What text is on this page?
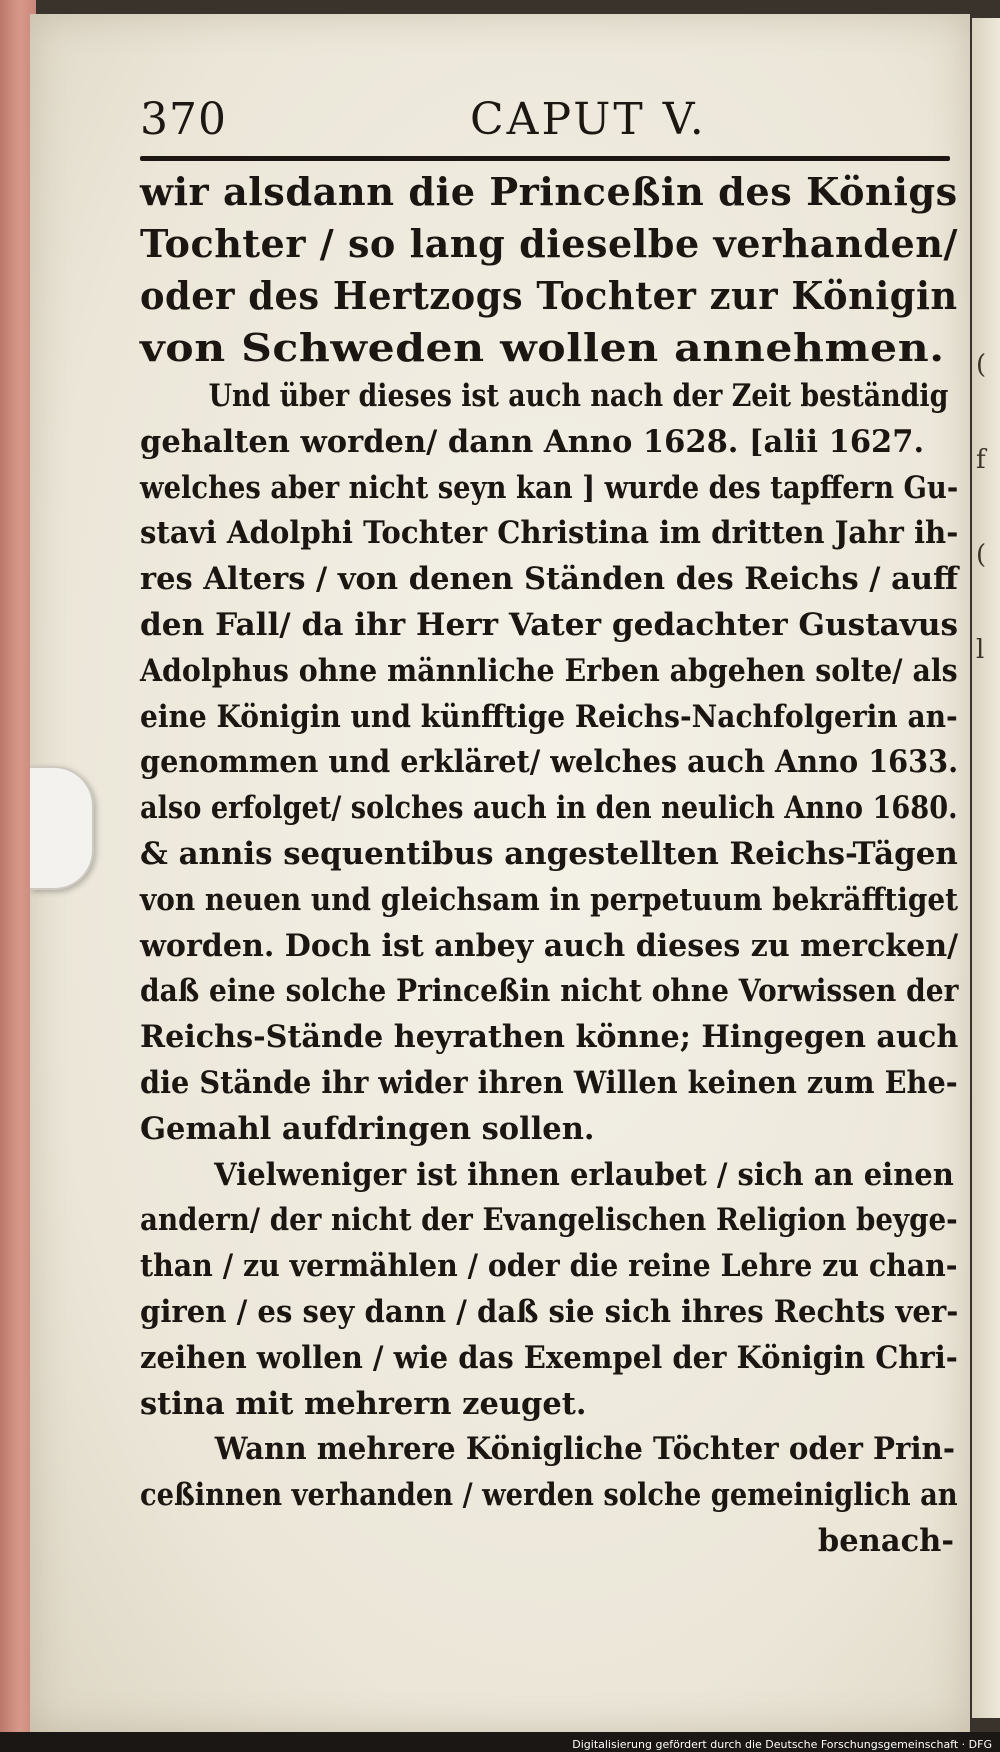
(
f
(
l
370	CAPUT V.
wir alsdann die Princeßin des Königs
Tochter / so lang dieselbe verhanden/
oder des Hertzogs Tochter zur Königin
von Schweden wollen annehmen.
Und über dieses ist auch nach der Zeit beständig
gehalten worden/ dann Anno 1628. [alii 1627.
welches aber nicht seyn kan ] wurde des tapffern Gu-
stavi Adolphi Tochter Christina im dritten Jahr ih-
res Alters / von denen Ständen des Reichs / auff
den Fall/ da ihr Herr Vater gedachter Gustavus
Adolphus ohne männliche Erben abgehen solte/ als
eine Königin und künfftige Reichs-Nachfolgerin an-
genommen und erkläret/ welches auch Anno 1633.
also erfolget/ solches auch in den neulich Anno 1680.
& annis sequentibus angestellten Reichs-Tägen
von neuen und gleichsam in perpetuum bekräfftiget
worden. Doch ist anbey auch dieses zu mercken/
daß eine solche Princeßin nicht ohne Vorwissen der
Reichs-Stände heyrathen könne; Hingegen auch
die Stände ihr wider ihren Willen keinen zum Ehe-
Gemahl aufdringen sollen.
Vielweniger ist ihnen erlaubet / sich an einen
andern/ der nicht der Evangelischen Religion beyge-
than / zu vermählen / oder die reine Lehre zu chan-
giren / es sey dann / daß sie sich ihres Rechts ver-
zeihen wollen / wie das Exempel der Königin Chri-
stina mit mehrern zeuget.
Wann mehrere Königliche Töchter oder Prin-
ceßinnen verhanden / werden solche gemeiniglich an
benach-
Digitalisierung gefördert durch die Deutsche Forschungsgemeinschaft · DFG
